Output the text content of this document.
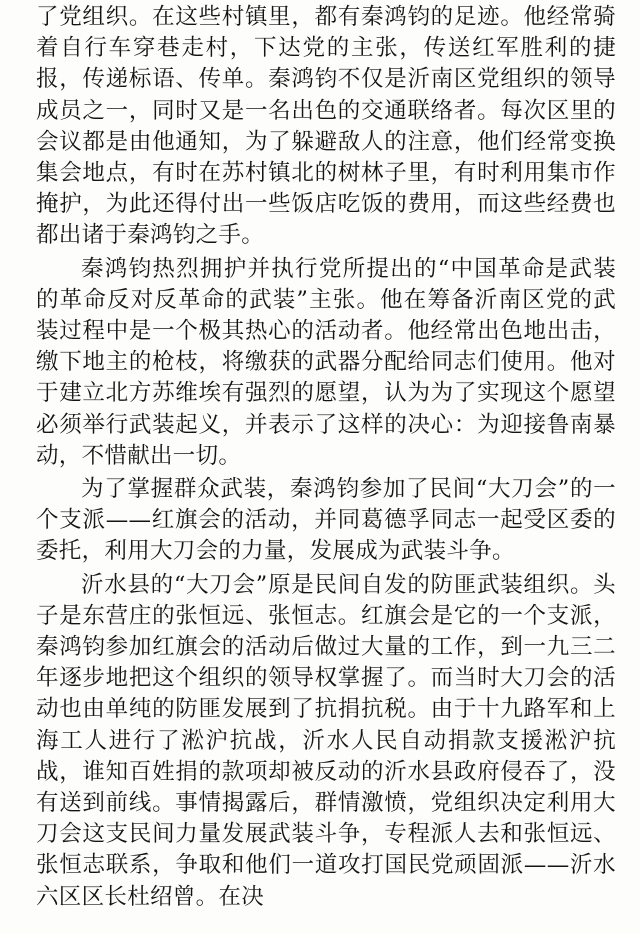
了党组织。在这些村镇里，都有秦鸿钧的足迹。他经常骑着自行车穿巷走村，下达党的主张，传送红军胜利的捷报，传递标语、传单。秦鸿钧不仅是沂南区党组织的领导成员之一，同时又是一名出色的交通联络者。每次区里的会议都是由他通知，为了躲避敌人的注意，他们经常变换集会地点，有时在苏村镇北的树林子里，有时利用集市作掩护，为此还得付出一些饭店吃饭的费用，而这些经费也都出诸于秦鸿钧之手。

秦鸿钧热烈拥护并执行党所提出的“中国革命是武装的革命反对反革命的武装”主张。他在筹备沂南区党的武装过程中是一个极其热心的活动者。他经常出色地出击，缴下地主的枪枝，将缴获的武器分配给同志们使用。他对于建立北方苏维埃有强烈的愿望，认为为了实现这个愿望必须举行武装起义，并表示了这样的决心：为迎接鲁南暴动，不惜献出一切。

为了掌握群众武装，秦鸿钧参加了民间“大刀会”的一个支派——红旗会的活动，并同葛德孚同志一起受区委的委托，利用大刀会的力量，发展成为武装斗争。

沂水县的“大刀会”原是民间自发的防匪武装组织。头子是东营庄的张恒远、张恒志。红旗会是它的一个支派，秦鸿钧参加红旗会的活动后做过大量的工作，到一九三二年逐步地把这个组织的领导权掌握了。而当时大刀会的活动也由单纯的防匪发展到了抗捐抗税。由于十九路军和上海工人进行了淞沪抗战，沂水人民自动捐款支援淞沪抗战，谁知百姓捐的款项却被反动的沂水县政府侵吞了，没有送到前线。事情揭露后，群情激愤，党组织决定利用大刀会这支民间力量发展武装斗争，专程派人去和张恒远、张恒志联系，争取和他们一道攻打国民党顽固派——沂水六区区长杜绍曾。在决
